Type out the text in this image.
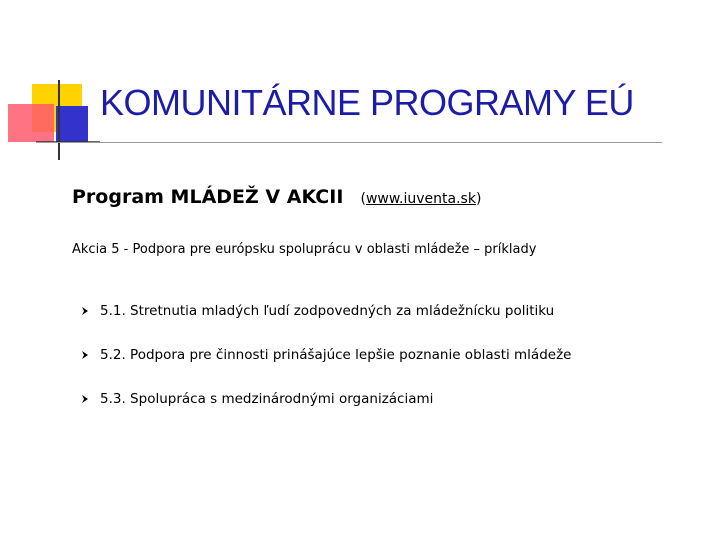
KOMUNITÁRNE PROGRAMY EÚ
Program MLÁDEŽ V AKCII (www.iuventa.sk)
Akcia 5 - Podpora pre európsku spoluprácu v oblasti mládeže – príklady
5.1. Stretnutia mladých ľudí zodpovedných za mládežnícku politiku
5.2. Podpora pre činnosti prinášajúce lepšie poznanie oblasti mládeže
5.3. Spolupráca s medzinárodnými organizáciami
